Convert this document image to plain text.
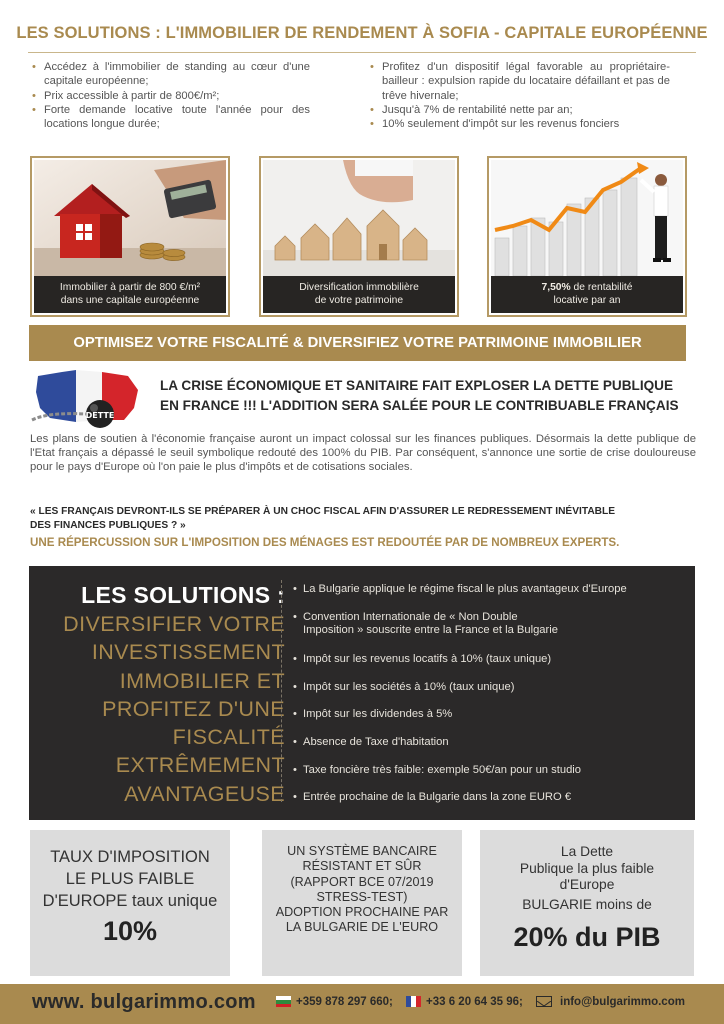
LES SOLUTIONS : L'IMMOBILIER DE RENDEMENT À SOFIA - CAPITALE EUROPÉENNE
• Accédez à l'immobilier de standing au cœur d'une capitale européenne;
• Prix accessible à partir de 800€/m²;
• Forte demande locative toute l'année pour des locations longue durée;
• Profitez d'un dispositif légal favorable au propriétaire-bailleur : expulsion rapide du locataire défaillant et pas de trêve hivernale;
• Jusqu'à 7% de rentabilité nette par an;
• 10% seulement d'impôt sur les revenus fonciers
Immobilier à partir de 800 €/m²
dans une capitale européenne
Diversification immobilière
de votre patrimoine
7,50% de rentabilité
locative par an
OPTIMISEZ VOTRE FISCALITÉ & DIVERSIFIEZ VOTRE PATRIMOINE IMMOBILIER
DETTE
LA CRISE ÉCONOMIQUE ET SANITAIRE FAIT EXPLOSER LA DETTE PUBLIQUE
EN FRANCE !!! L'ADDITION SERA SALÉE POUR LE CONTRIBUABLE FRANÇAIS
Les plans de soutien à l'économie française auront un impact colossal sur les finances publiques. Désormais la dette publique de l'Etat français a dépassé le seuil symbolique redouté des 100% du PIB. Par conséquent, s'annonce une sortie de crise douloureuse pour le pays d'Europe où l'on paie le plus d'impôts et de cotisations sociales.
« LES FRANÇAIS DEVRONT-ILS SE PRÉPARER À UN CHOC FISCAL AFIN D'ASSURER LE REDRESSEMENT INÉVITABLE
DES FINANCES PUBLIQUES ? »
UNE RÉPERCUSSION SUR L'IMPOSITION DES MÉNAGES EST REDOUTÉE PAR DE NOMBREUX EXPERTS.
LES SOLUTIONS :
DIVERSIFIER VOTRE
INVESTISSEMENT
IMMOBILIER ET
PROFITEZ D'UNE
FISCALITÉ
EXTRÊMEMENT
AVANTAGEUSE
• La Bulgarie applique le régime fiscal le plus avantageux d'Europe
• Convention Internationale de « Non Double
Imposition » souscrite entre la France et la Bulgarie
• Impôt sur les revenus locatifs à 10% (taux unique)
• Impôt sur les sociétés à 10% (taux unique)
• Impôt sur les dividendes à 5%
• Absence de Taxe d'habitation
• Taxe foncière très faible: exemple 50€/an pour un studio
• Entrée prochaine de la Bulgarie dans la zone EURO €
TAUX D'IMPOSITION
LE PLUS FAIBLE
D'EUROPE taux unique
10%
UN SYSTÈME BANCAIRE
RÉSISTANT ET SÛR
(RAPPORT BCE 07/2019
STRESS-TEST)
ADOPTION PROCHAINE PAR
LA BULGARIE DE L'EURO
La Dette
Publique la plus faible
d'Europe
BULGARIE moins de
20% du PIB
www. bulgarimmo.com	+359 878 297 660;	+33 6 20 64 35 96;	info@bulgarimmo.com
